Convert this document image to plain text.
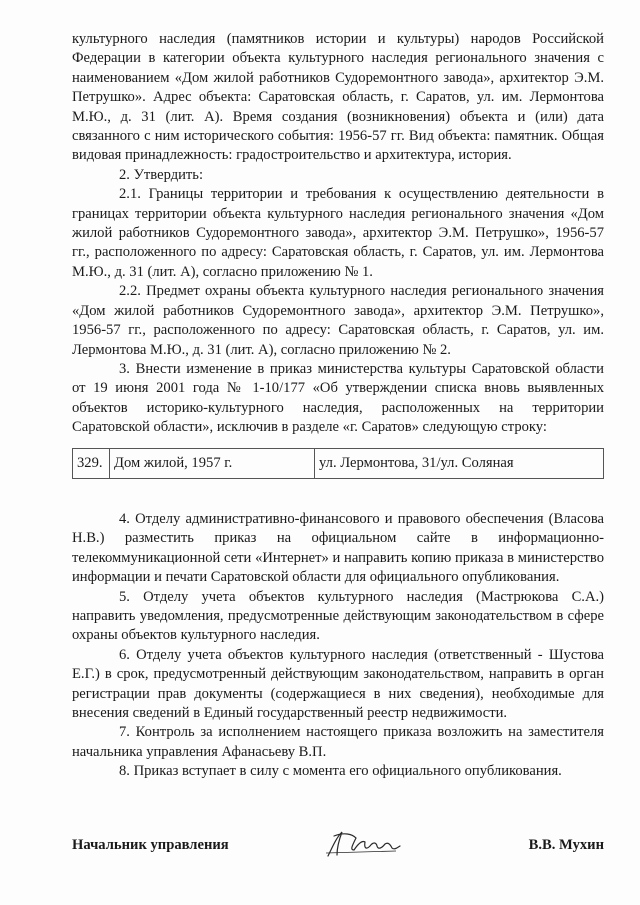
культурного наследия (памятников истории и культуры) народов Российской Федерации в категории объекта культурного наследия регионального значения с наименованием «Дом жилой работников Судоремонтного завода», архитектор Э.М. Петрушко». Адрес объекта: Саратовская область, г. Саратов, ул. им. Лермонтова М.Ю., д. 31 (лит. А). Время создания (возникновения) объекта и (или) дата связанного с ним исторического события: 1956-57 гг. Вид объекта: памятник. Общая видовая принадлежность: градостроительство и архитектура, история.

2. Утвердить:

2.1. Границы территории и требования к осуществлению деятельности в границах территории объекта культурного наследия регионального значения «Дом жилой работников Судоремонтного завода», архитектор Э.М. Петрушко», 1956-57 гг., расположенного по адресу: Саратовская область, г. Саратов, ул. им. Лермонтова М.Ю., д. 31 (лит. А), согласно приложению № 1.

2.2. Предмет охраны объекта культурного наследия регионального значения «Дом жилой работников Судоремонтного завода», архитектор Э.М. Петрушко», 1956-57 гг., расположенного по адресу: Саратовская область, г. Саратов, ул. им. Лермонтова М.Ю., д. 31 (лит. А), согласно приложению № 2.

3. Внести изменение в приказ министерства культуры Саратовской области от 19 июня 2001 года № 1-10/177 «Об утверждении списка вновь выявленных объектов историко-культурного наследия, расположенных на территории Саратовской области», исключив в разделе «г. Саратов» следующую строку:

329.	Дом жилой, 1957 г.	ул. Лермонтова, 31/ул. Соляная

4. Отделу административно-финансового и правового обеспечения (Власова Н.В.) разместить приказ на официальном сайте в информационно-телекоммуникационной сети «Интернет» и направить копию приказа в министерство информации и печати Саратовской области для официального опубликования.

5. Отделу учета объектов культурного наследия (Мастрюкова С.А.) направить уведомления, предусмотренные действующим законодательством в сфере охраны объектов культурного наследия.

6. Отделу учета объектов культурного наследия (ответственный - Шустова Е.Г.) в срок, предусмотренный действующим законодательством, направить в орган регистрации прав документы (содержащиеся в них сведения), необходимые для внесения сведений в Единый государственный реестр недвижимости.

7. Контроль за исполнением настоящего приказа возложить на заместителя начальника управления Афанасьеву В.П.

8. Приказ вступает в силу с момента его официального опубликования.

Начальник управления	В.В. Мухин
